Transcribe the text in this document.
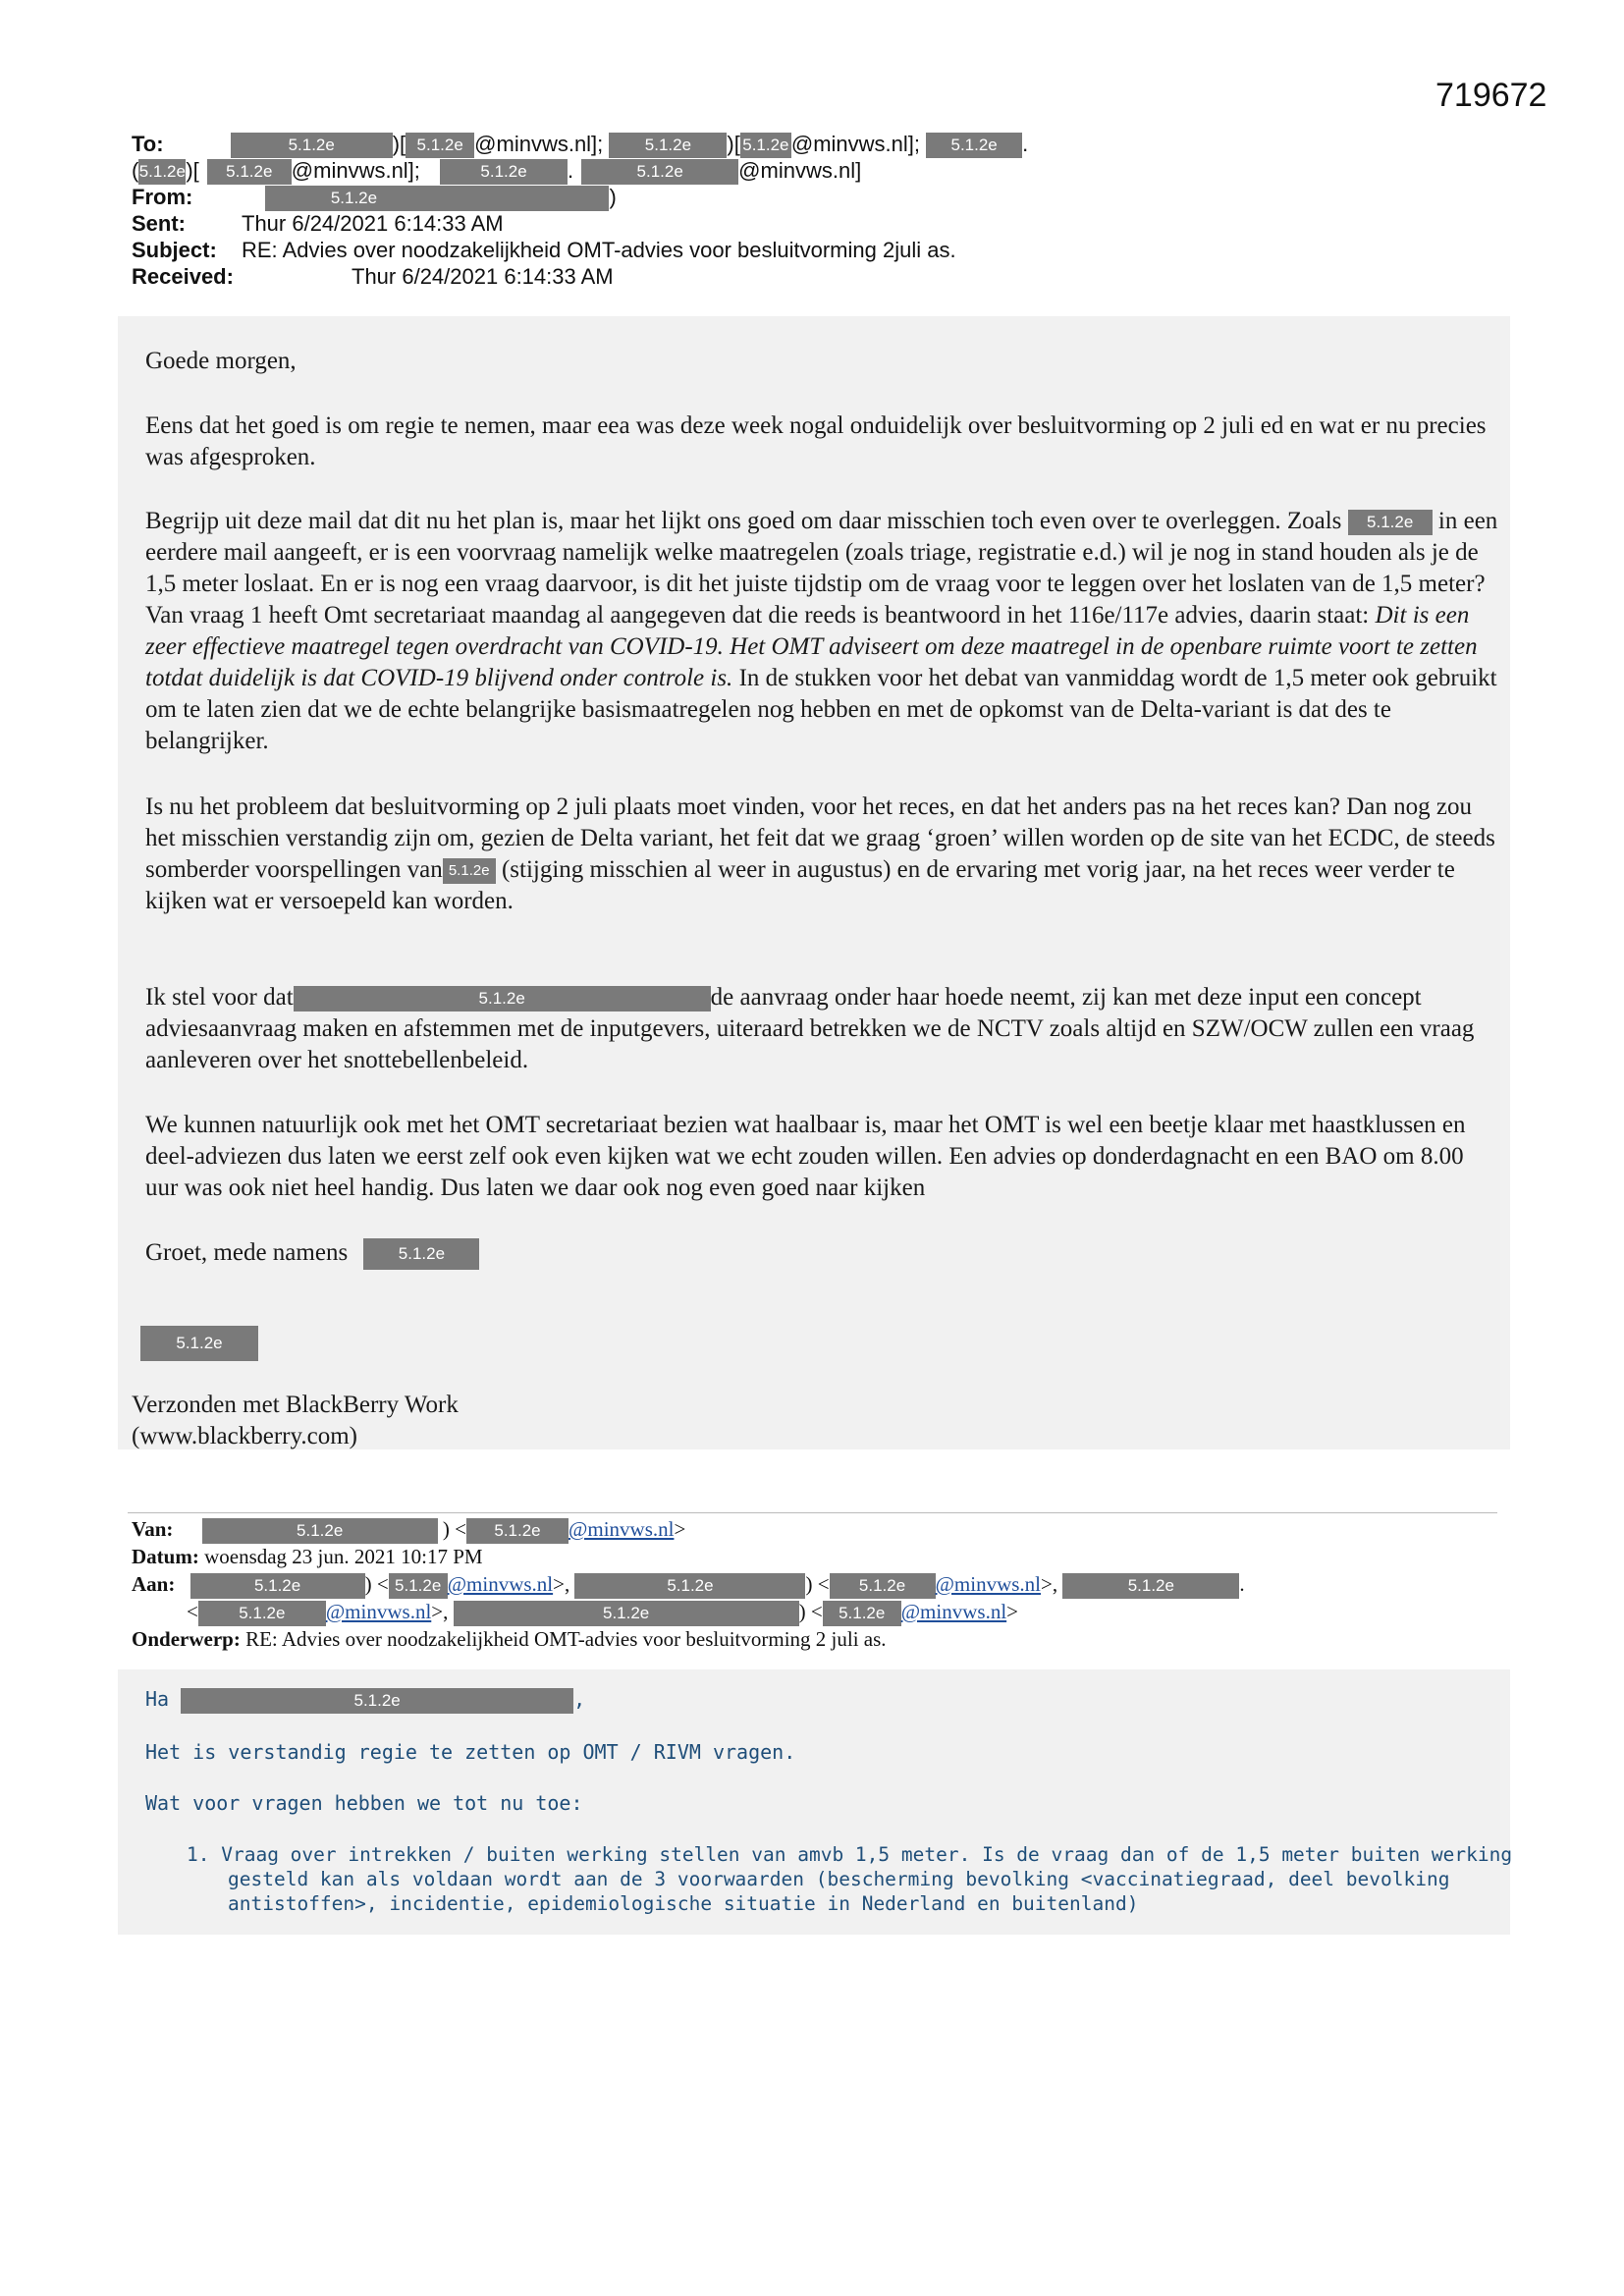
719672
To:	5.1.2e	)[ 5.1.2e @minvws.nl]; 5.1.2e )[ 5.1.2e @minvws.nl]; 5.1.2e .
(5.1.2e)[ 5.1.2e @minvws.nl];	5.1.2e .	5.1.2e	@minvws.nl]
From:	5.1.2e	)
Sent:	Thur 6/24/2021 6:14:33 AM
Subject: RE: Advies over noodzakelijkheid OMT-advies voor besluitvorming 2juli as.
Received:	Thur 6/24/2021 6:14:33 AM
Goede morgen,

Eens dat het goed is om regie te nemen, maar eea was deze week nogal onduidelijk over besluitvorming op 2 juli ed en wat er nu precies was afgesproken.

Begrijp uit deze mail dat dit nu het plan is, maar het lijkt ons goed om daar misschien toch even over te overleggen. Zoals 5.1.2e in een eerdere mail aangeeft, er is een voorvraag namelijk welke maatregelen (zoals triage, registratie e.d.) wil je nog in stand houden als je de 1,5 meter loslaat. En er is nog een vraag daarvoor, is dit het juiste tijdstip om de vraag voor te leggen over het loslaten van de 1,5 meter? Van vraag 1 heeft Omt secretariaat maandag al aangegeven dat die reeds is beantwoord in het 116e/117e advies, daarin staat: Dit is een zeer effectieve maatregel tegen overdracht van COVID-19. Het OMT adviseert om deze maatregel in de openbare ruimte voort te zetten totdat duidelijk is dat COVID-19 blijvend onder controle is. In de stukken voor het debat van vanmiddag wordt de 1,5 meter ook gebruikt om te laten zien dat we de echte belangrijke basismaatregelen nog hebben en met de opkomst van de Delta-variant is dat des te belangrijker.
Is nu het probleem dat besluitvorming op 2 juli plaats moet vinden, voor het reces, en dat het anders pas na het reces kan? Dan nog zou het misschien verstandig zijn om, gezien de Delta variant, het feit dat we graag ‘groen’ willen worden op de site van het ECDC, de steeds somberder voorspellingen van 5.1.2e (stijging misschien al weer in augustus) en de ervaring met vorig jaar, na het reces weer verder te kijken wat er versoepeld kan worden.
Ik stel voor dat	5.1.2e	de aanvraag onder haar hoede neemt, zij kan met deze input een concept adviesaanvraag maken en afstemmen met de inputgevers, uiteraard betrekken we de NCTV zoals altijd en SZW/OCW zullen een vraag aanleveren over het snottebellenbeleid.

We kunnen natuurlijk ook met het OMT secretariaat bezien wat haalbaar is, maar het OMT is wel een beetje klaar met haastklussen en deel-adviezen dus laten we eerst zelf ook even kijken wat we echt zouden willen. Een advies op donderdagnacht en een BAO om 8.00 uur was ook niet heel handig. Dus laten we daar ook nog even goed naar kijken

Groet, mede namens	5.1.2e
5.1.2e
Verzonden met BlackBerry Work
(www.blackberry.com)
Van:	5.1.2e	) < 5.1.2e @minvws.nl>
Datum: woensdag 23 jun. 2021 10:17 PM
Aan:	5.1.2e	) < 5.1.2e @minvws.nl>,	5.1.2e	) < 5.1.2e @minvws.nl>,	5.1.2e	.
< 5.1.2e @minvws.nl>,	5.1.2e	) < 5.1.2e @minvws.nl>
Onderwerp: RE: Advies over noodzakelijkheid OMT-advies voor besluitvorming 2 juli as.
Ha	5.1.2e	,
Het is verstandig regie te zetten op OMT / RIVM vragen.
Wat voor vragen hebben we tot nu toe:
1. Vraag over intrekken / buiten werking stellen van amvb 1,5 meter. Is de vraag dan of de 1,5 meter buiten werking
gesteld kan als voldaan wordt aan de 3 voorwaarden (bescherming bevolking <vaccinatiegraad, deel bevolking
antistoffen>, incidentie, epidemiologische situatie in Nederland en buitenland)
